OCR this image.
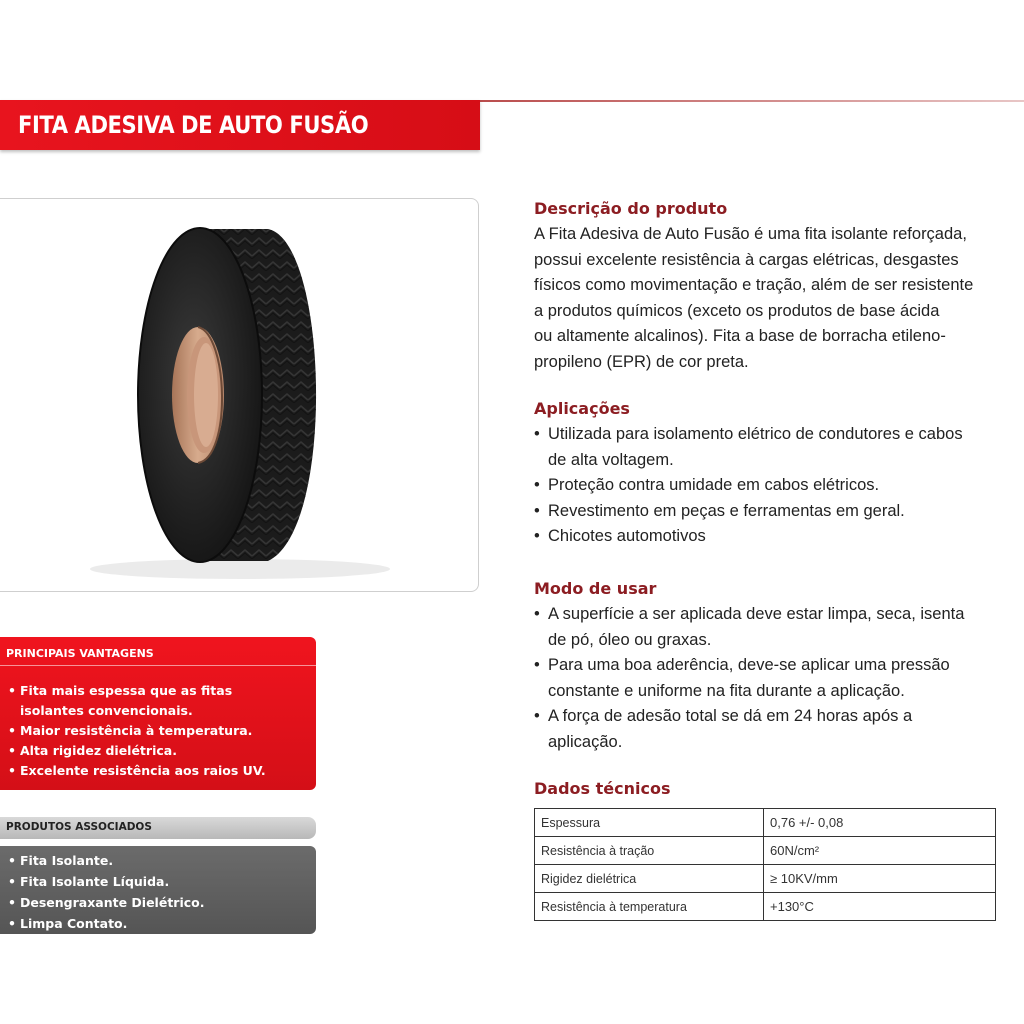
FITA ADESIVA DE AUTO FUSÃO
PRINCIPAIS VANTAGENS
• Fita mais espessa que as fitas
isolantes convencionais.
• Maior resistência à temperatura.
• Alta rigidez dielétrica.
• Excelente resistência aos raios UV.
PRODUTOS ASSOCIADOS
• Fita Isolante.
• Fita Isolante Líquida.
• Desengraxante Dielétrico.
• Limpa Contato.
Descrição do produto
A Fita Adesiva de Auto Fusão é uma fita isolante reforçada,
possui excelente resistência à cargas elétricas, desgastes
físicos como movimentação e tração, além de ser resistente
a produtos químicos (exceto os produtos de base ácida
ou altamente alcalinos). Fita a base de borracha etileno-
propileno (EPR) de cor preta.
Aplicações
• Utilizada para isolamento elétrico de condutores e cabos
de alta voltagem.
• Proteção contra umidade em cabos elétricos.
• Revestimento em peças e ferramentas em geral.
• Chicotes automotivos
Modo de usar
• A superfície a ser aplicada deve estar limpa, seca, isenta
de pó, óleo ou graxas.
• Para uma boa aderência, deve-se aplicar uma pressão
constante e uniforme na fita durante a aplicação.
• A força de adesão total se dá em 24 horas após a
aplicação.
Dados técnicos
Espessura	0,76 +/- 0,08
Resistência à tração	60N/cm²
Rigidez dielétrica	≥ 10KV/mm
Resistência à temperatura	+130°C
